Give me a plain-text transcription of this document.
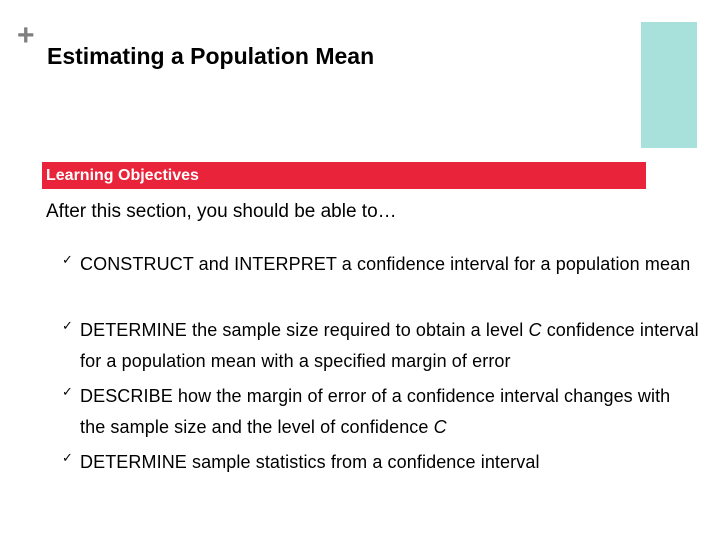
+
Estimating a Population Mean
Learning Objectives
After this section, you should be able to…
✓ CONSTRUCT and INTERPRET a confidence interval for a population mean
✓ DETERMINE the sample size required to obtain a level C confidence interval for a population mean with a specified margin of error
✓ DESCRIBE how the margin of error of a confidence interval changes with the sample size and the level of confidence C
✓ DETERMINE sample statistics from a confidence interval
